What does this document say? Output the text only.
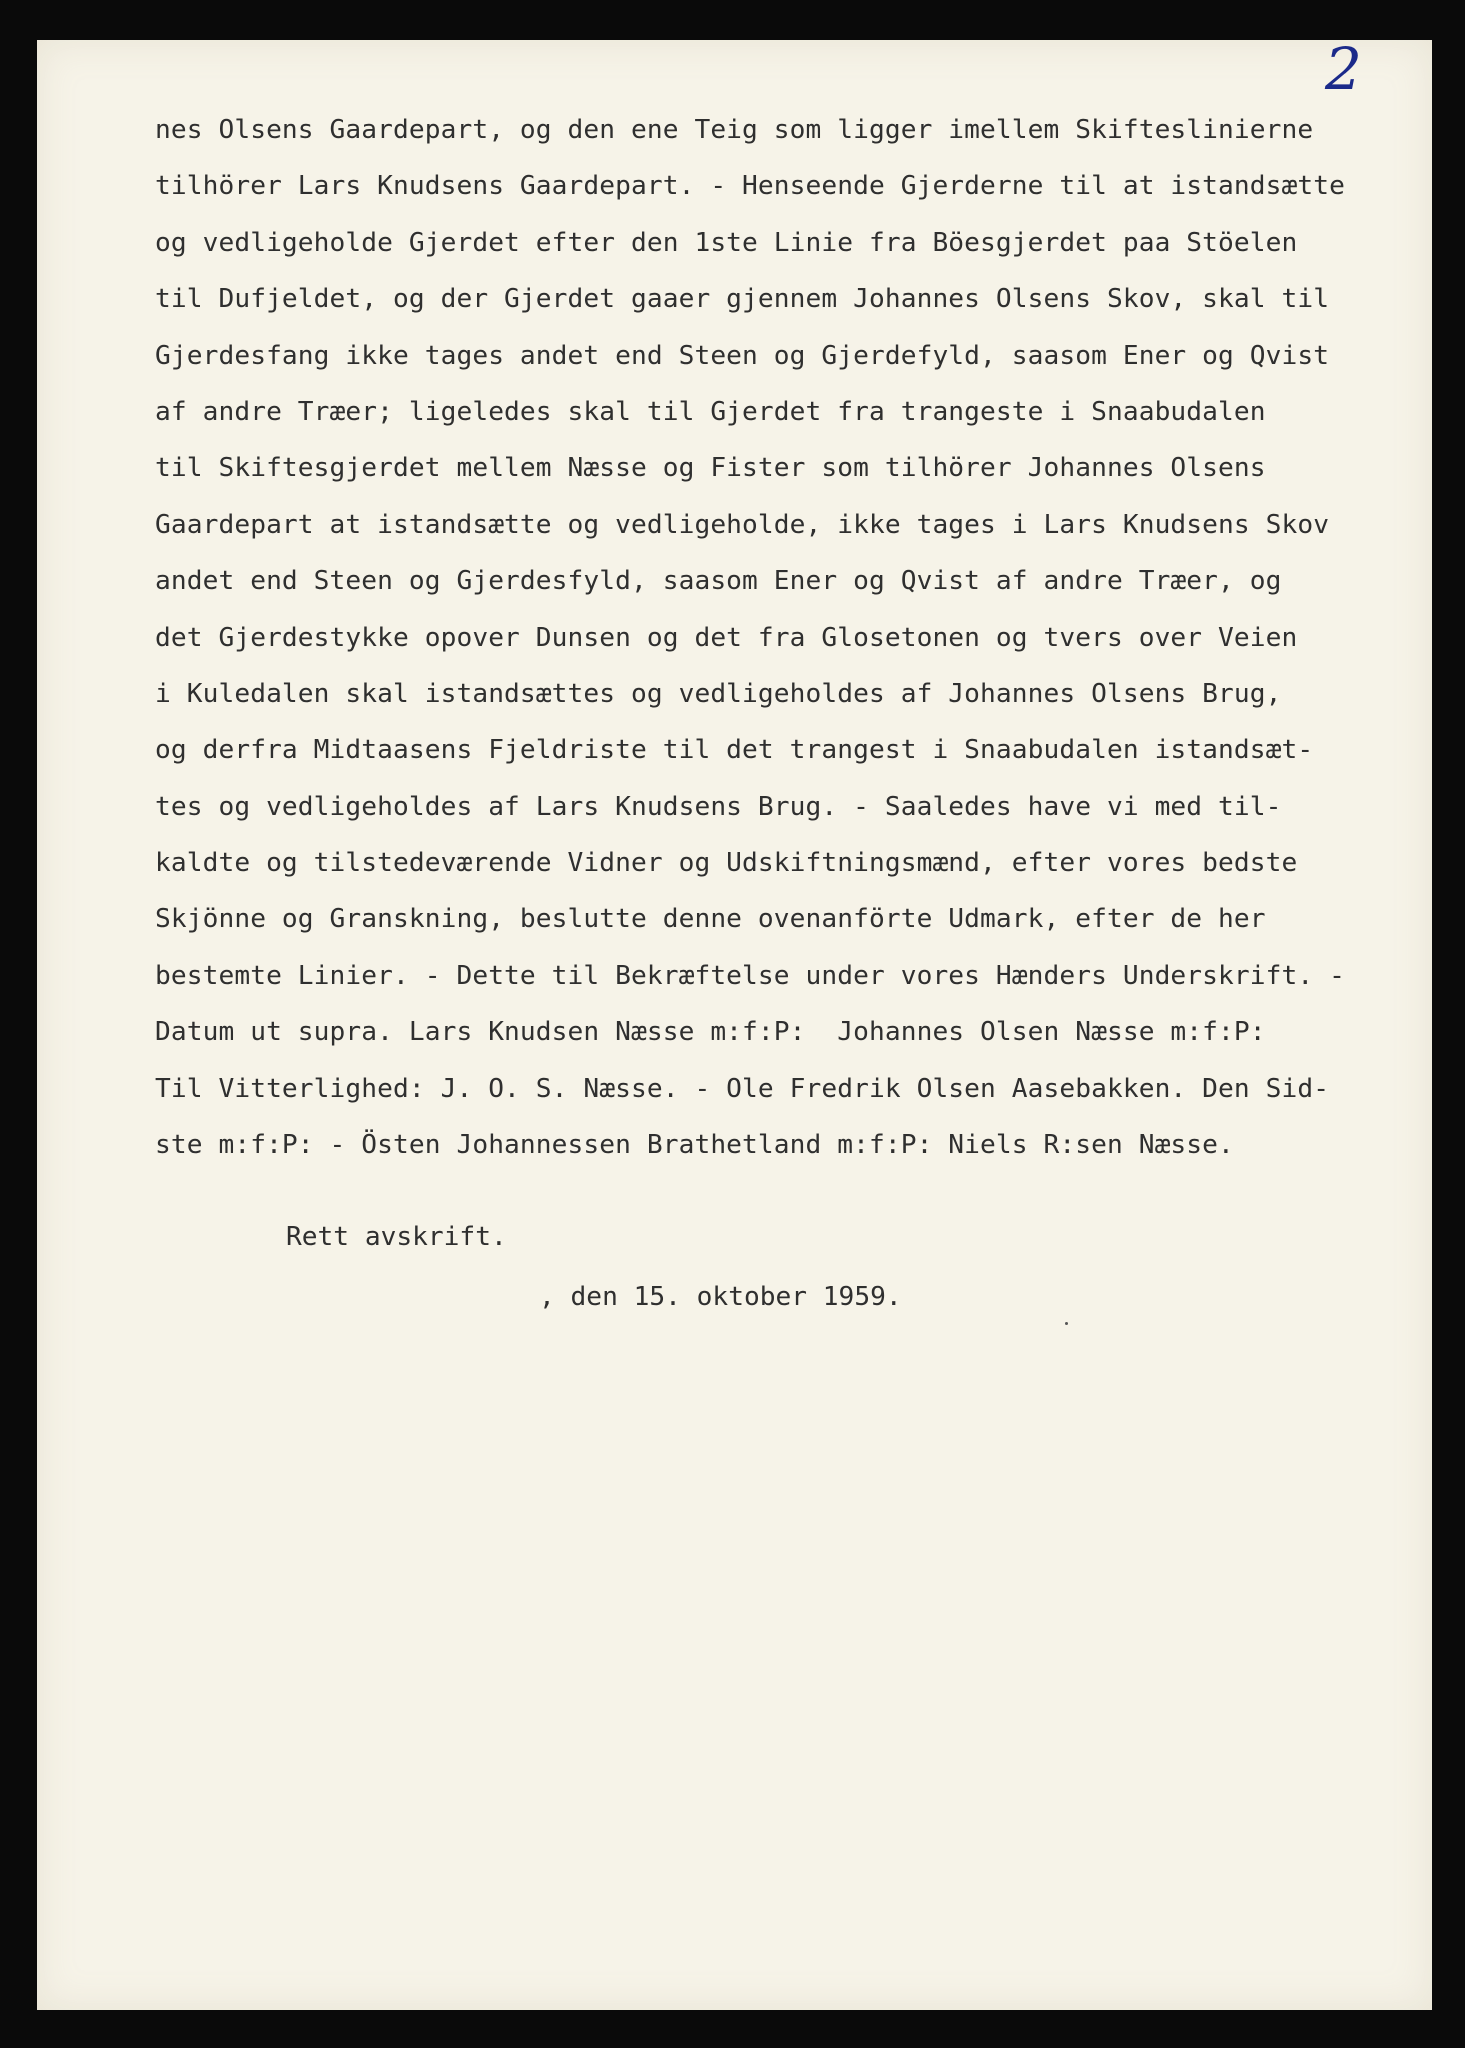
2
nes Olsens Gaardepart, og den ene Teig som ligger imellem Skifteslinierne
tilhörer Lars Knudsens Gaardepart. - Henseende Gjerderne til at istandsætte
og vedligeholde Gjerdet efter den 1ste Linie fra Böesgjerdet paa Stöelen
til Dufjeldet, og der Gjerdet gaaer gjennem Johannes Olsens Skov, skal til
Gjerdesfang ikke tages andet end Steen og Gjerdefyld, saasom Ener og Qvist
af andre Træer; ligeledes skal til Gjerdet fra trangeste i Snaabudalen
til Skiftesgjerdet mellem Næsse og Fister som tilhörer Johannes Olsens
Gaardepart at istandsætte og vedligeholde, ikke tages i Lars Knudsens Skov
andet end Steen og Gjerdesfyld, saasom Ener og Qvist af andre Træer, og
det Gjerdestykke opover Dunsen og det fra Glosetonen og tvers over Veien
i Kuledalen skal istandsættes og vedligeholdes af Johannes Olsens Brug,
og derfra Midtaasens Fjeldriste til det trangest i Snaabudalen istandsæt-
tes og vedligeholdes af Lars Knudsens Brug. - Saaledes have vi med til-
kaldte og tilstedeværende Vidner og Udskiftningsmænd, efter vores bedste
Skjönne og Granskning, beslutte denne ovenanförte Udmark, efter de her
bestemte Linier. - Dette til Bekræftelse under vores Hænders Underskrift. -
Datum ut supra. Lars Knudsen Næsse m:f:P:  Johannes Olsen Næsse m:f:P:
Til Vitterlighed: J. O. S. Næsse. - Ole Fredrik Olsen Aasebakken. Den Sid-
ste m:f:P: - Östen Johannessen Brathetland m:f:P: Niels R:sen Næsse.
Rett avskrift.
, den 15. oktober 1959.
